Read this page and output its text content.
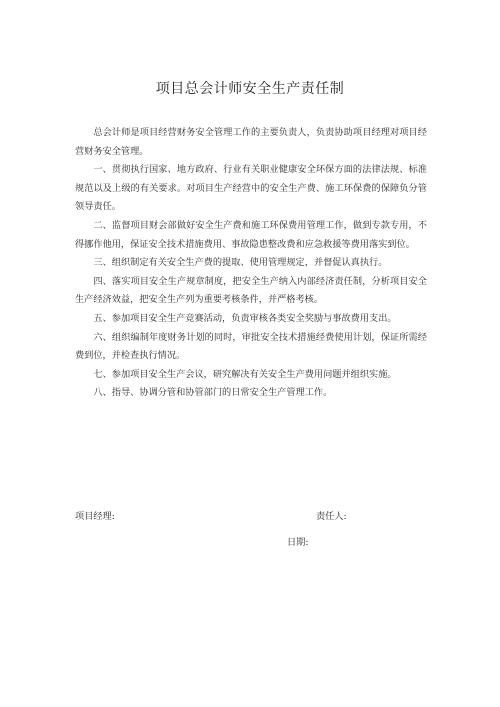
项目总会计师安全生产责任制

总会计师是项目经营财务安全管理工作的主要负责人，负责协助项目经理对项目经营财务安全管理。

一、贯彻执行国家、地方政府、行业有关职业健康安全环保方面的法律法规、标准规范以及上级的有关要求。对项目生产经营中的安全生产费、施工环保费的保障负分管领导责任。

二、监督项目财会部做好安全生产费和施工环保费用管理工作，做到专款专用，不得挪作他用，保证安全技术措施费用、事故隐患整改费和应急救援等费用落实到位。

三、组织制定有关安全生产费的提取、使用管理规定，并督促认真执行。

四、落实项目安全生产规章制度，把安全生产纳入内部经济责任制，分析项目安全生产经济效益，把安全生产列为重要考核条件，并严格考核。

五、参加项目安全生产竞赛活动，负责审核各类安全奖励与事故费用支出。

六、组织编制年度财务计划的同时，审批安全技术措施经费使用计划，保证所需经费到位，并检查执行情况。

七、参加项目安全生产会议，研究解决有关安全生产费用问题并组织实施。

八、指导、协调分管和协管部门的日常安全生产管理工作。

项目经理:	责任人:
日期:
